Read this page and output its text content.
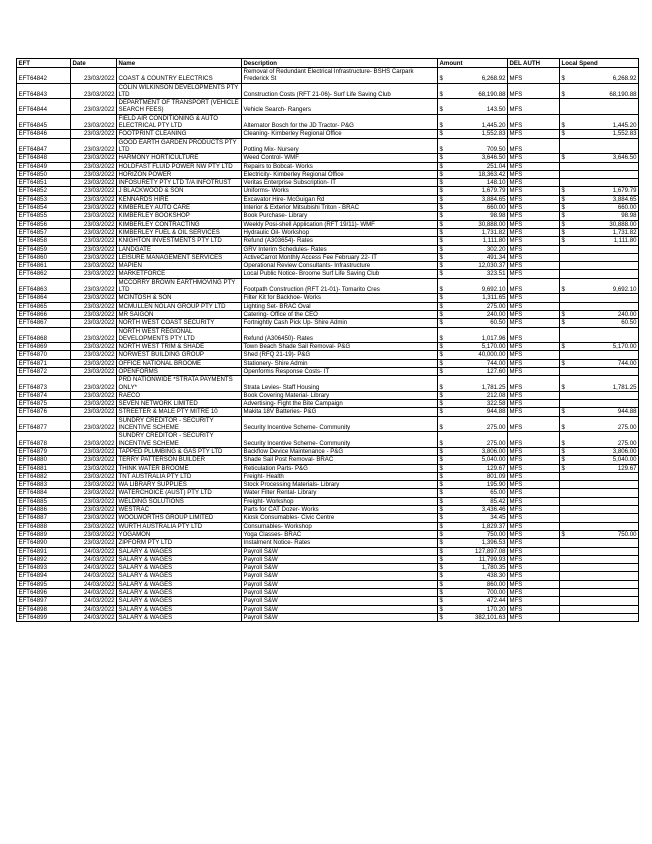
EFT	Date	Name	Description	Amount	DEL AUTH	Local Spend
EFT64842	23/03/2022	COAST & COUNTRY ELECTRICS	Removal of Redundant Electrical Infrastructure- BSHS Carpark Frederick St	$ 6,268.92	MFS	$ 6,268.92

EFT64843	23/03/2022	COLIN WILKINSON DEVELOPMENTS PTY LTD	Construction Costs (RFT 21-06)- Surf Life Saving Club	$ 68,190.88	MFS	$ 68,190.88

EFT64844	23/03/2022	DEPARTMENT OF TRANSPORT (VEHICLE SEARCH FEES)	Vehicle Search- Rangers	$ 143.50	MFS	
EFT64845	23/03/2022	FIELD AIR CONDITIONING & AUTO ELECTRICAL PTY LTD	Alternator Bosch for the JD Tractor- P&G	$ 1,445.20	MFS	$ 1,445.20

EFT64846	23/03/2022	FOOTPRINT CLEANING	Cleaning- Kimberley Regional Office	$ 1,552.83	MFS	$ 1,552.83

EFT64847	23/03/2022	GOOD EARTH GARDEN PRODUCTS PTY LTD	Potting Mix- Nursery	$ 709.50	MFS	
EFT64848	23/03/2022	HARMONY HORTICULTURE	Weed Control- WMF	$ 3,646.50	MFS	$ 3,646.50

EFT64849	23/03/2022	HOLDFAST FLUID POWER NW PTY LTD	Repairs to Bobcat- Works	$ 251.04	MFS	
EFT64850	23/03/2022	HORIZON POWER	Electricity- Kimberley Regional Office	$ 18,363.42	MFS	
EFT64851	23/03/2022	INFOSURETY PTY LTD T/A INFOTRUST	Veritas Enterprise Subscription- IT	$ 148.10	MFS	
EFT64852	23/03/2022	J BLACKWOOD & SON	Uniforms- Works	$ 1,679.79	MFS	$ 1,679.79

EFT64853	23/03/2022	KENNARDS HIRE	Excavator Hire- McGuigan Rd	$ 3,884.65	MFS	$ 3,884.65

EFT64854	23/03/2022	KIMBERLEY AUTO CARE	Interior & Exterior Mitsubishi Triton - BRAC	$ 660.00	MFS	$ 660.00

EFT64855	23/03/2022	KIMBERLEY BOOKSHOP	Book Purchase- Library	$ 98.98	MFS	$ 98.98

EFT64856	23/03/2022	KIMBERLEY CONTRACTING	Weekly Posi-shell Application (RFT 19/11)- WMF	$ 30,888.00	MFS	$ 30,888.00

EFT64857	23/03/2022	KIMBERLEY FUEL & OIL SERVICES	Hydraulic Oil- Workshop	$ 1,731.82	MFS	$ 1,731.82

EFT64858	23/03/2022	KNIGHTON INVESTMENTS PTY LTD	Refund (A303654)- Rates	$ 1,111.80	MFS	$ 1,111.80

EFT64859	23/03/2022	LANDGATE	GRV Interim Schedules- Rates	$ 302.20	MFS	
EFT64860	23/03/2022	LEISURE MANAGEMENT SERVICES	ActiveCarrot Monthly Access Fee February 22- IT	$ 491.34	MFS	
EFT64861	23/03/2022	MAPIEN	Operational Review Consultants- Infrastructure	$ 12,030.37	MFS	
EFT64862	23/03/2022	MARKETFORCE	Local Public Notice- Broome Surf Life Saving Club	$ 323.51	MFS	
EFT64863	23/03/2022	MCCORRY BROWN EARTHMOVING PTY LTD	Footpath Construction (RFT 21-01)- Tomarito Cres	$ 9,692.10	MFS	$ 9,692.10

EFT64864	23/03/2022	MCINTOSH & SON	Filter Kit for Backhoe- Works	$ 1,311.65	MFS	
EFT64865	23/03/2022	MCMULLEN NOLAN GROUP PTY LTD	Lighting Set- BRAC Oval	$ 275.00	MFS	
EFT64866	23/03/2022	MR SAIGON	Catering- Office of the CEO	$ 240.00	MFS	$ 240.00

EFT64867	23/03/2022	NORTH WEST COAST SECURITY	Fortnightly Cash Pick Up- Shire Admin	$ 60.50	MFS	$ 60.50

EFT64868	23/03/2022	NORTH WEST REGIONAL DEVELOPMENTS PTY LTD	Refund (A306450)- Rates	$ 1,017.96	MFS	
EFT64869	23/03/2022	NORTH WEST TRIM & SHADE	Town Beach Shade Sail Removal- P&G	$ 5,170.00	MFS	$ 5,170.00

EFT64870	23/03/2022	NORWEST BUILDING GROUP	Shed (RFQ 21-19)- P&G	$ 40,000.00	MFS	
EFT64871	23/03/2022	OFFICE NATIONAL BROOME	Stationery- Shire Admin	$ 744.00	MFS	$ 744.00

EFT64872	23/03/2022	OPENFORMS	Openforms Response Costs- IT	$ 127.60	MFS	
EFT64873	23/03/2022	PRD NATIONWIDE *STRATA PAYMENTS ONLY*	Strata Levies- Staff Housing	$ 1,781.25	MFS	$ 1,781.25

EFT64874	23/03/2022	RAECO	Book Covering Material- Library	$ 212.08	MFS	
EFT64875	23/03/2022	SEVEN NETWORK LIMITED	Advertising- Fight the Bite Campaign	$ 322.58	MFS	
EFT64876	23/03/2022	STREETER & MALE PTY MITRE 10	Makita 18V Batteries- P&G	$ 944.88	MFS	$ 944.88

EFT64877	23/03/2022	SUNDRY CREDITOR - SECURITY INCENTIVE SCHEME	Security Incentive Scheme- Community	$ 275.00	MFS	$ 275.00

EFT64878	23/03/2022	SUNDRY CREDITOR - SECURITY INCENTIVE SCHEME	Security Incentive Scheme- Community	$ 275.00	MFS	$ 275.00

EFT64879	23/03/2022	TAPPED PLUMBING & GAS PTY LTD	Backflow Device Maintenance - P&G	$ 3,806.00	MFS	$ 3,806.00

EFT64880	23/03/2022	TERRY PATTERSON BUILDER	Shade Sail Post Removal- BRAC	$ 5,040.00	MFS	$ 5,040.00

EFT64881	23/03/2022	THINK WATER BROOME	Reticulation Parts- P&G	$ 129.67	MFS	$ 129.67

EFT64882	23/03/2022	TNT AUSTRALIA PTY LTD	Freight- Health	$ 801.09	MFS	
EFT64883	23/03/2022	WA LIBRARY SUPPLIES	Stock Processing Materials- Library	$ 195.90	MFS	
EFT64884	23/03/2022	WATERCHOICE (AUST) PTY LTD	Water Filter Rental- Library	$ 65.00	MFS	
EFT64885	23/03/2022	WELDING SOLUTIONS	Freight- Workshop	$ 85.42	MFS	
EFT64886	23/03/2022	WESTRAC	Parts for CAT Dozer- Works	$ 3,436.46	MFS	
EFT64887	23/03/2022	WOOLWORTHS GROUP LIMITED	Kiosk Consumables- Civic Centre	$ 34.45	MFS	
EFT64888	23/03/2022	WURTH AUSTRALIA PTY LTD	Consumables- Workshop	$ 1,829.37	MFS	
EFT64889	23/03/2022	YOGAMON	Yoga Classes- BRAC	$ 750.00	MFS	$ 750.00

EFT64890	23/03/2022	ZIPFORM PTY LTD	Instalment Notice- Rates	$ 1,396.53	MFS	
EFT64891	24/03/2022	SALARY & WAGES	Payroll S&W	$ 127,897.08	MFS	
EFT64892	24/03/2022	SALARY & WAGES	Payroll S&W	$ 11,799.93	MFS	
EFT64893	24/03/2022	SALARY & WAGES	Payroll S&W	$ 1,780.35	MFS	
EFT64894	24/03/2022	SALARY & WAGES	Payroll S&W	$ 438.30	MFS	
EFT64895	24/03/2022	SALARY & WAGES	Payroll S&W	$ 860.00	MFS	
EFT64896	24/03/2022	SALARY & WAGES	Payroll S&W	$ 700.00	MFS	
EFT64897	24/03/2022	SALARY & WAGES	Payroll S&W	$ 472.44	MFS	
EFT64898	24/03/2022	SALARY & WAGES	Payroll S&W	$ 170.20	MFS	
EFT64899	24/03/2022	SALARY & WAGES	Payroll S&W	$ 382,101.63	MFS	
